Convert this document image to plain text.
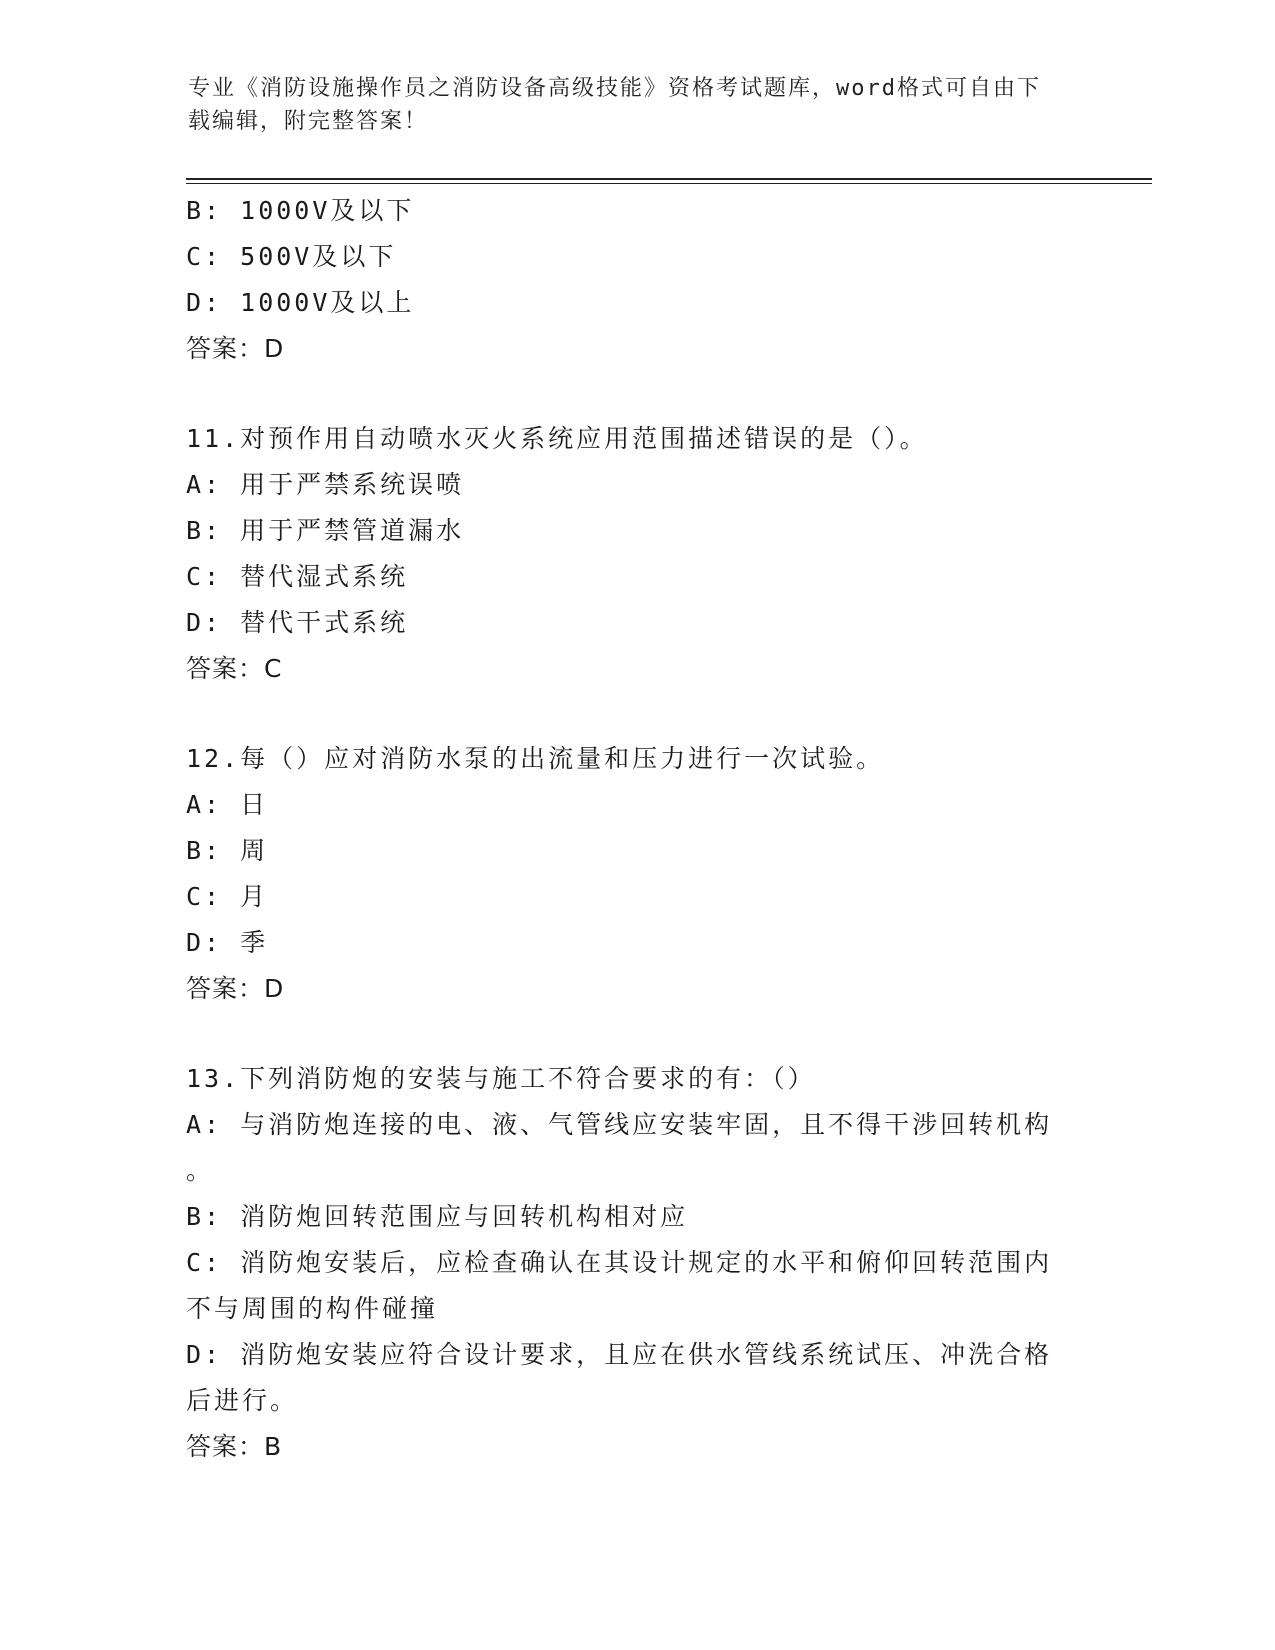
专业《消防设施操作员之消防设备高级技能》资格考试题库，word格式可自由下
载编辑，附完整答案！
B: 1000V及以下
C: 500V及以下
D: 1000V及以上
答案：D
11.对预作用自动喷水灭火系统应用范围描述错误的是（）。
A: 用于严禁系统误喷
B: 用于严禁管道漏水
C: 替代湿式系统
D: 替代干式系统
答案：C
12.每（）应对消防水泵的出流量和压力进行一次试验。
A: 日
B: 周
C: 月
D: 季
答案：D
13.下列消防炮的安装与施工不符合要求的有：（）
A: 与消防炮连接的电、液、气管线应安装牢固，且不得干涉回转机构
。
B: 消防炮回转范围应与回转机构相对应
C: 消防炮安装后，应检查确认在其设计规定的水平和俯仰回转范围内
不与周围的构件碰撞
D: 消防炮安装应符合设计要求，且应在供水管线系统试压、冲洗合格
后进行。
答案：B
